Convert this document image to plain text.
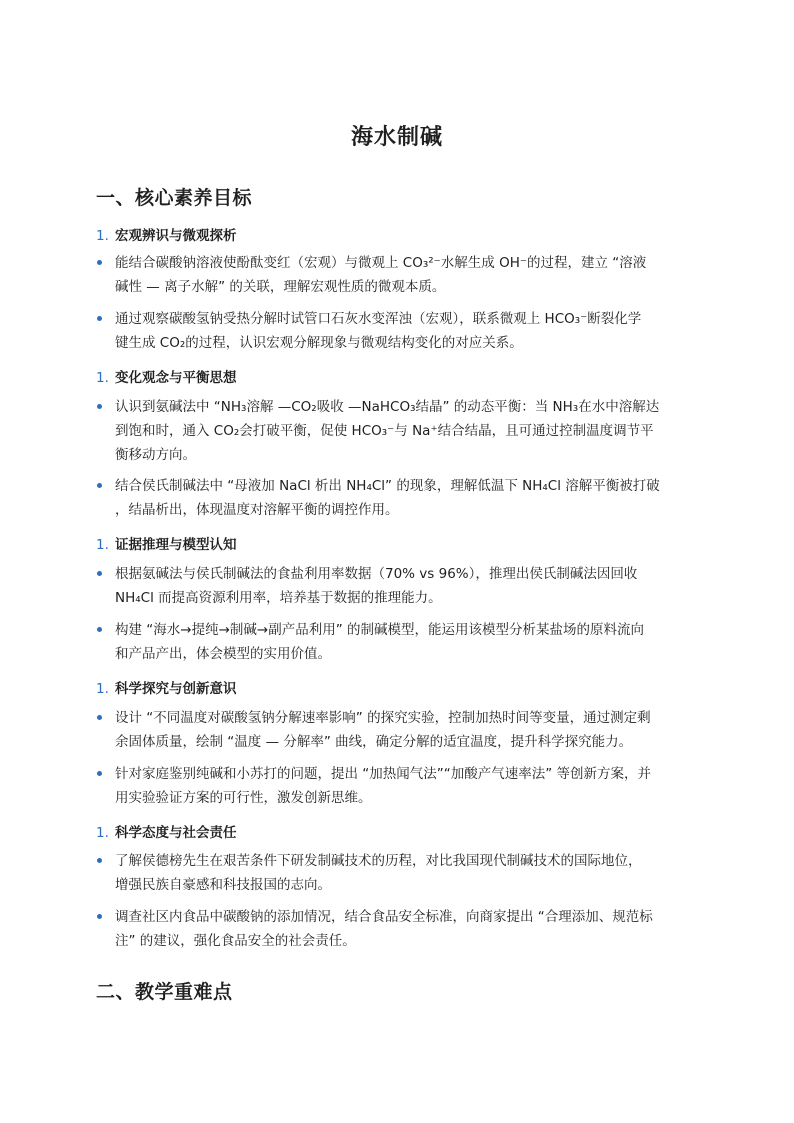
海水制碱
一、核心素养目标
1. 宏观辨识与微观探析
能结合碳酸钠溶液使酚酞变红（宏观）与微观上 CO₃²⁻水解生成 OH⁻的过程，建立 “溶液
碱性 — 离子水解” 的关联，理解宏观性质的微观本质。
通过观察碳酸氢钠受热分解时试管口石灰水变浑浊（宏观），联系微观上 HCO₃⁻断裂化学
键生成 CO₂的过程，认识宏观分解现象与微观结构变化的对应关系。
1. 变化观念与平衡思想
认识到氨碱法中 “NH₃溶解 —CO₂吸收 —NaHCO₃结晶” 的动态平衡：当 NH₃在水中溶解达
到饱和时，通入 CO₂会打破平衡，促使 HCO₃⁻与 Na⁺结合结晶，且可通过控制温度调节平
衡移动方向。
结合侯氏制碱法中 “母液加 NaCl 析出 NH₄Cl” 的现象，理解低温下 NH₄Cl 溶解平衡被打破
，结晶析出，体现温度对溶解平衡的调控作用。
1. 证据推理与模型认知
根据氨碱法与侯氏制碱法的食盐利用率数据（70% vs 96%），推理出侯氏制碱法因回收
NH₄Cl 而提高资源利用率，培养基于数据的推理能力。
构建 “海水→提纯→制碱→副产品利用” 的制碱模型，能运用该模型分析某盐场的原料流向
和产品产出，体会模型的实用价值。
1. 科学探究与创新意识
设计 “不同温度对碳酸氢钠分解速率影响” 的探究实验，控制加热时间等变量，通过测定剩
余固体质量，绘制 “温度 — 分解率” 曲线，确定分解的适宜温度，提升科学探究能力。
针对家庭鉴别纯碱和小苏打的问题，提出 “加热闻气法”“加酸产气速率法” 等创新方案，并
用实验验证方案的可行性，激发创新思维。
1. 科学态度与社会责任
了解侯德榜先生在艰苦条件下研发制碱技术的历程，对比我国现代制碱技术的国际地位，
增强民族自豪感和科技报国的志向。
调查社区内食品中碳酸钠的添加情况，结合食品安全标准，向商家提出 “合理添加、规范标
注” 的建议，强化食品安全的社会责任。
二、教学重难点
